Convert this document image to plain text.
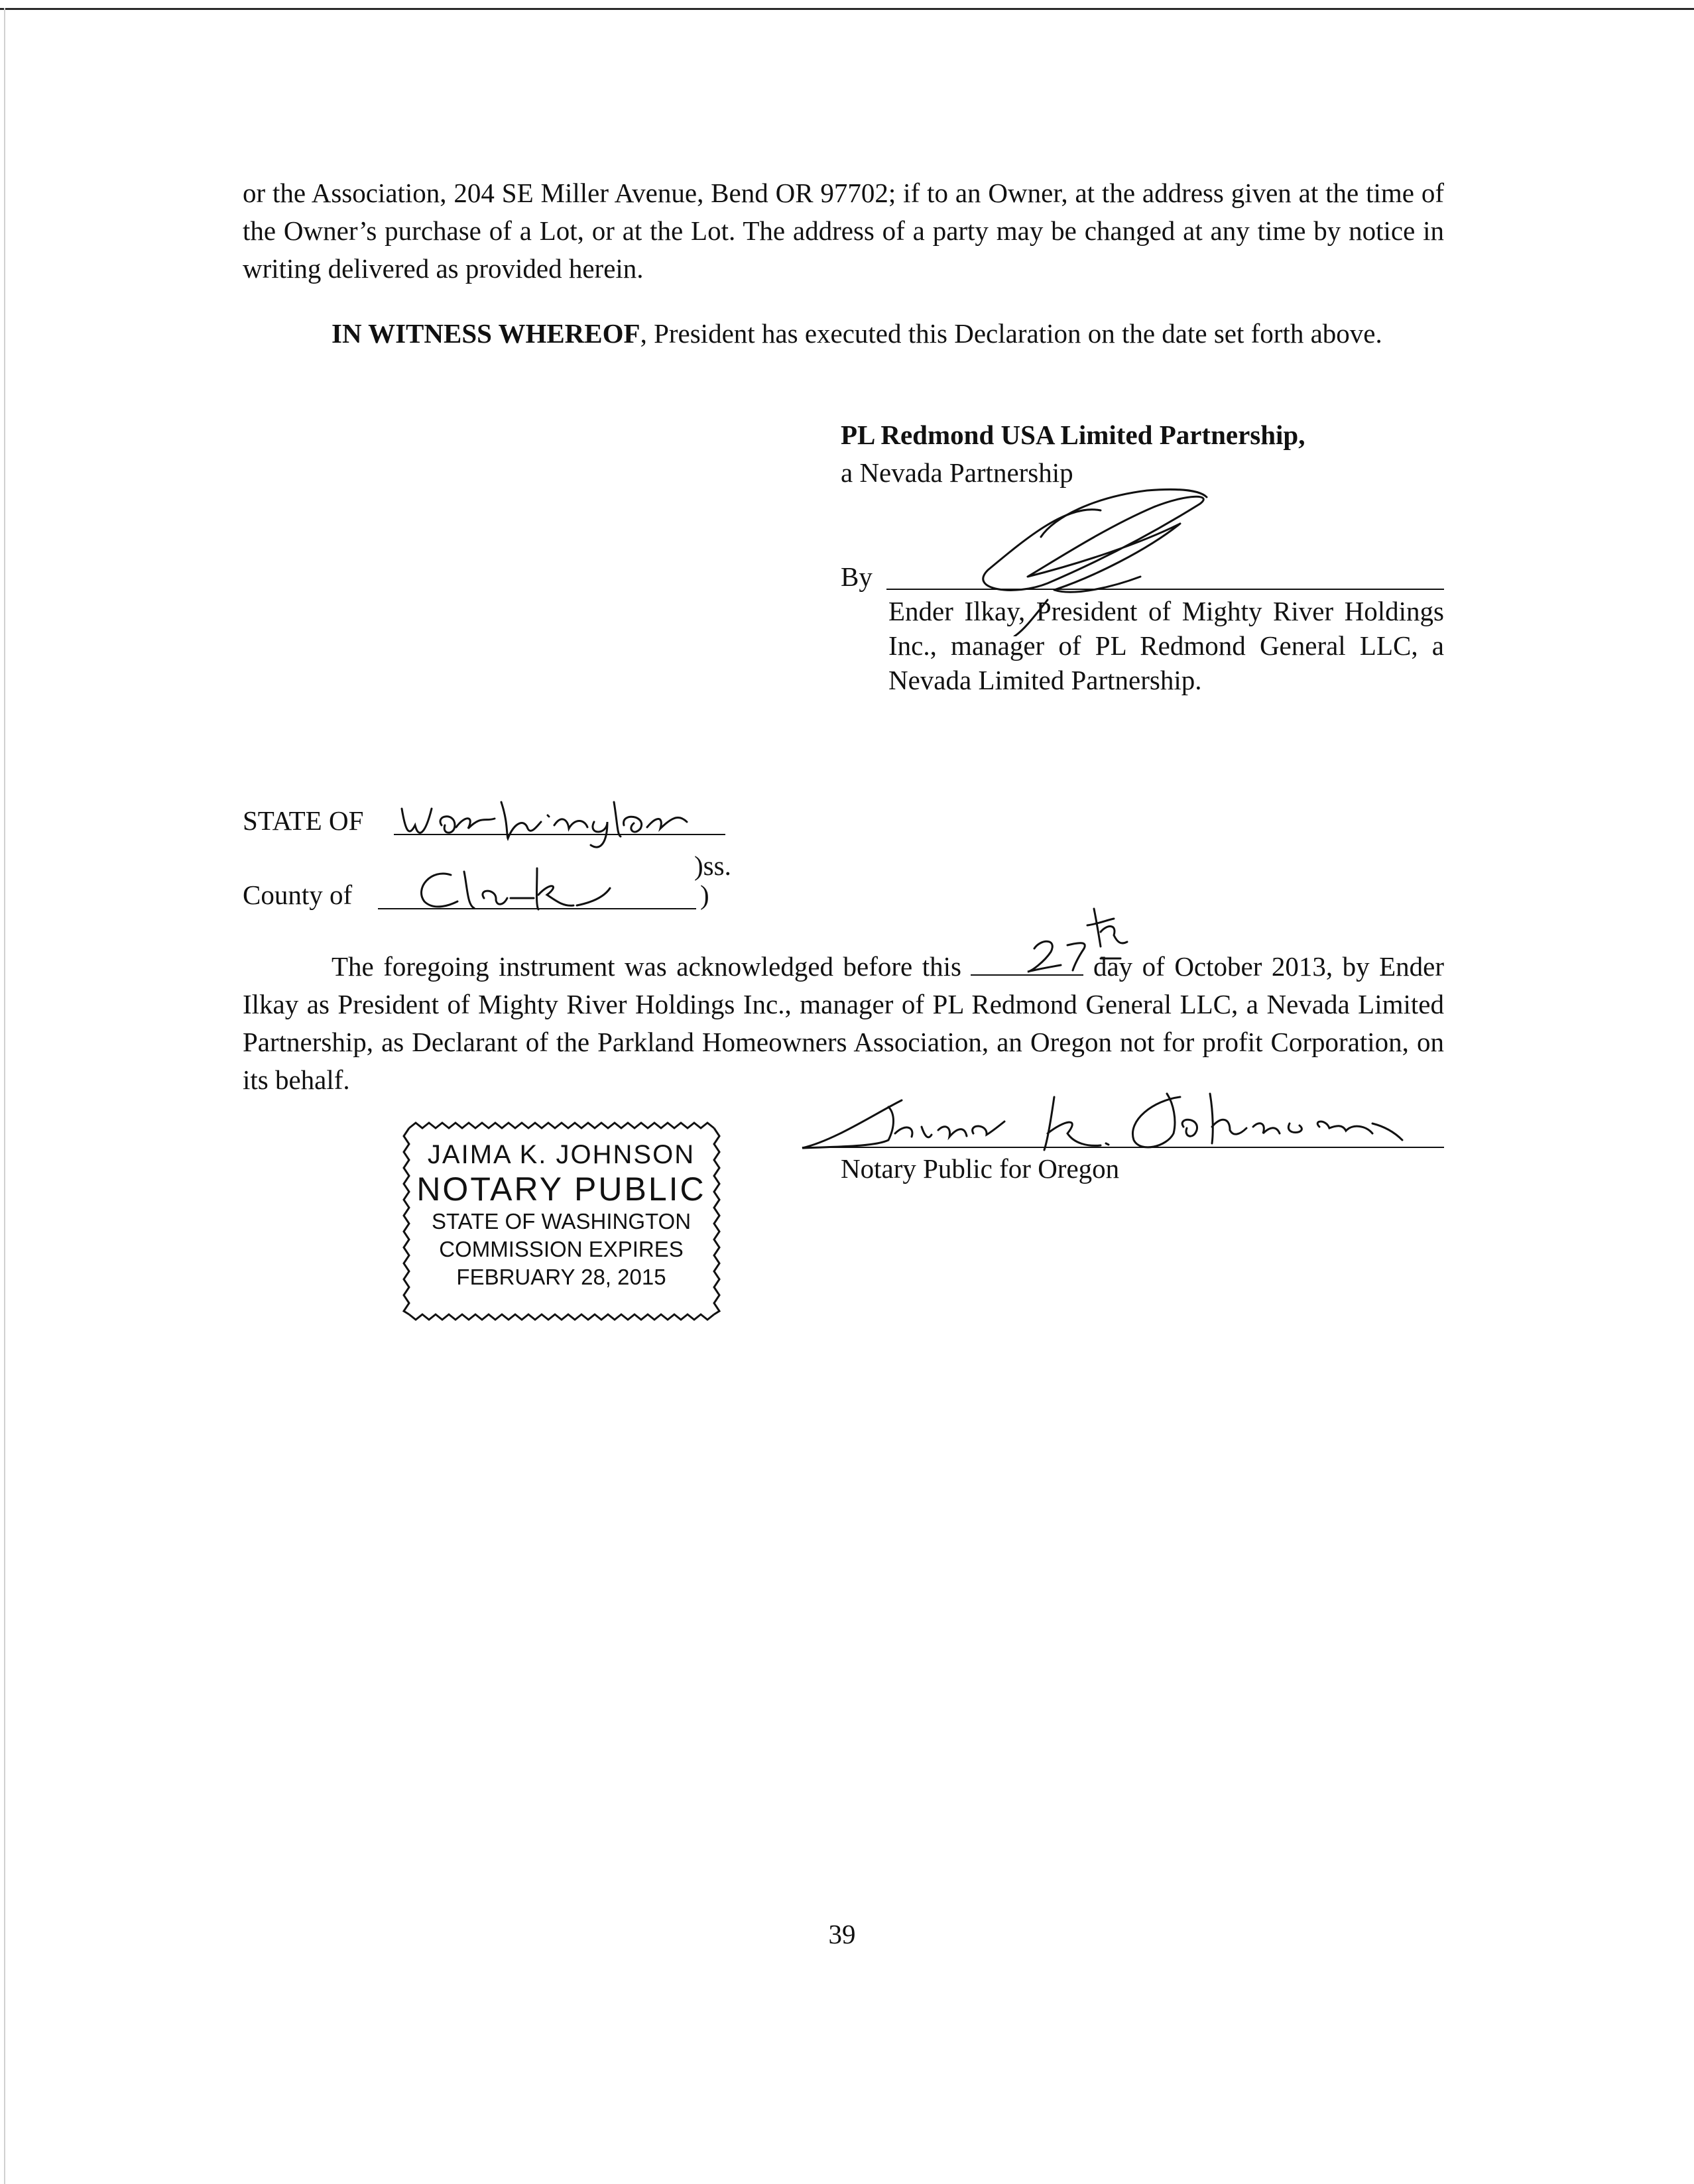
or the Association, 204 SE Miller Avenue, Bend OR 97702; if to an Owner, at the address given at the time of the Owner’s purchase of a Lot, or at the Lot. The address of a party may be changed at any time by notice in writing delivered as provided herein.
IN WITNESS WHEREOF, President has executed this Declaration on the date set forth above.
PL Redmond USA Limited Partnership,
a Nevada Partnership
By
Ender Ilkay, President of Mighty River Holdings Inc., manager of PL Redmond General LLC, a Nevada Limited Partnership.
STATE OF
)ss.
County of	)
The foregoing instrument was acknowledged before this	day of October 2013, by Ender Ilkay as President of Mighty River Holdings Inc., manager of PL Redmond General LLC, a Nevada Limited Partnership, as Declarant of the Parkland Homeowners Association, an Oregon not for profit Corporation, on its behalf.
JAIMA K. JOHNSON
NOTARY PUBLIC
STATE OF WASHINGTON
COMMISSION EXPIRES
FEBRUARY 28, 2015
Notary Public for Oregon
39
